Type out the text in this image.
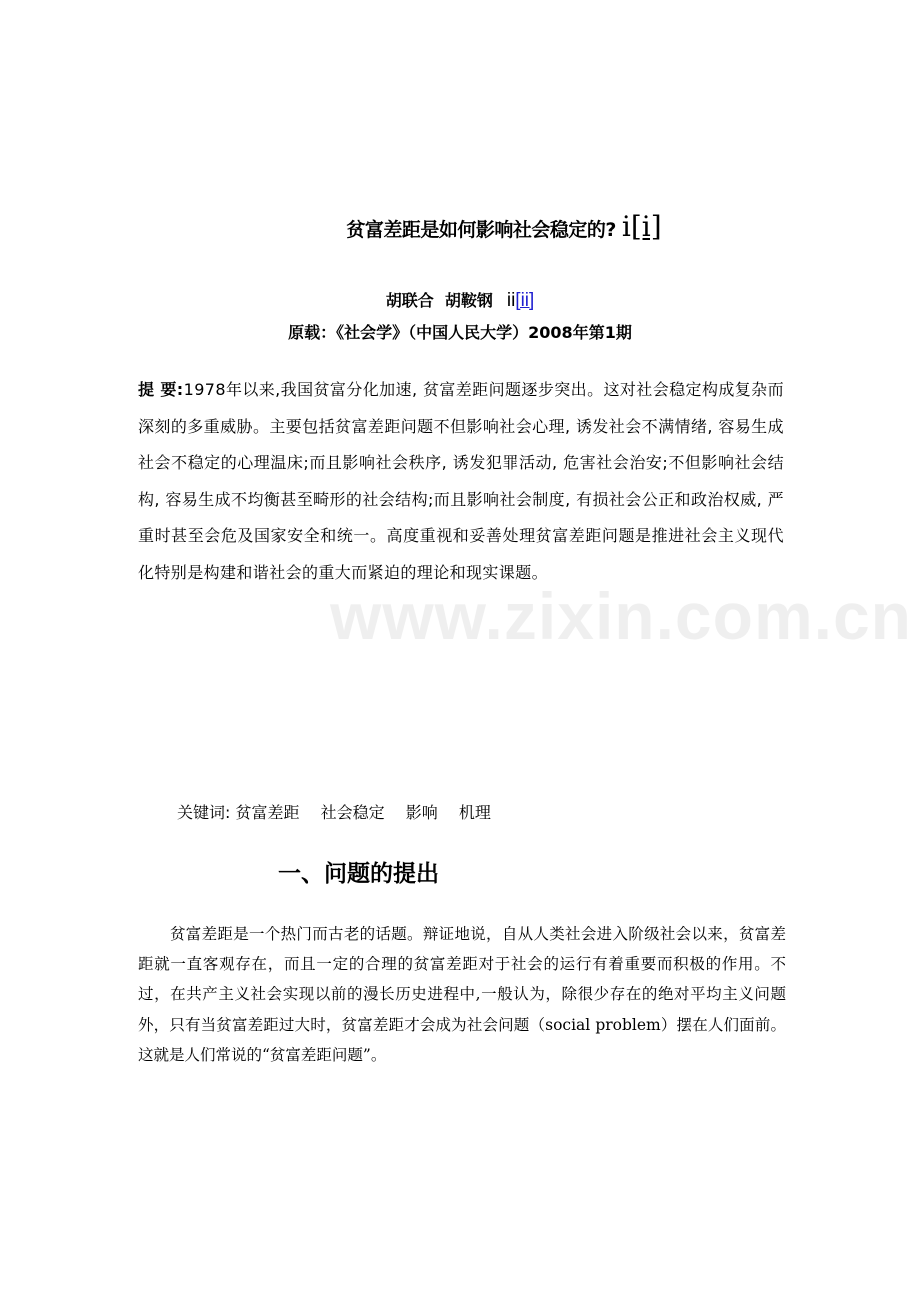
www.zixin.com.cn
贫富差距是如何影响社会稳定的? i[i]
胡联合  胡鞍钢 ii[ii]
原载：《社会学》（中国人民大学）2008年第1期
提 要:1978年以来,我国贫富分化加速, 贫富差距问题逐步突出。这对社会稳定构成复杂而深刻的多重威胁。主要包括贫富差距问题不但影响社会心理, 诱发社会不满情绪, 容易生成社会不稳定的心理温床;而且影响社会秩序, 诱发犯罪活动, 危害社会治安;不但影响社会结构, 容易生成不均衡甚至畸形的社会结构;而且影响社会制度, 有损社会公正和政治权威, 严重时甚至会危及国家安全和统一。高度重视和妥善处理贫富差距问题是推进社会主义现代化特别是构建和谐社会的重大而紧迫的理论和现实课题。
关键词: 贫富差距 社会稳定 影响 机理
一、问题的提出
贫富差距是一个热门而古老的话题。辩证地说，自从人类社会进入阶级社会以来，贫富差距就一直客观存在，而且一定的合理的贫富差距对于社会的运行有着重要而积极的作用。不过，在共产主义社会实现以前的漫长历史进程中,一般认为，除很少存在的绝对平均主义问题外，只有当贫富差距过大时，贫富差距才会成为社会问题（social problem）摆在人们面前。这就是人们常说的“贫富差距问题”。
